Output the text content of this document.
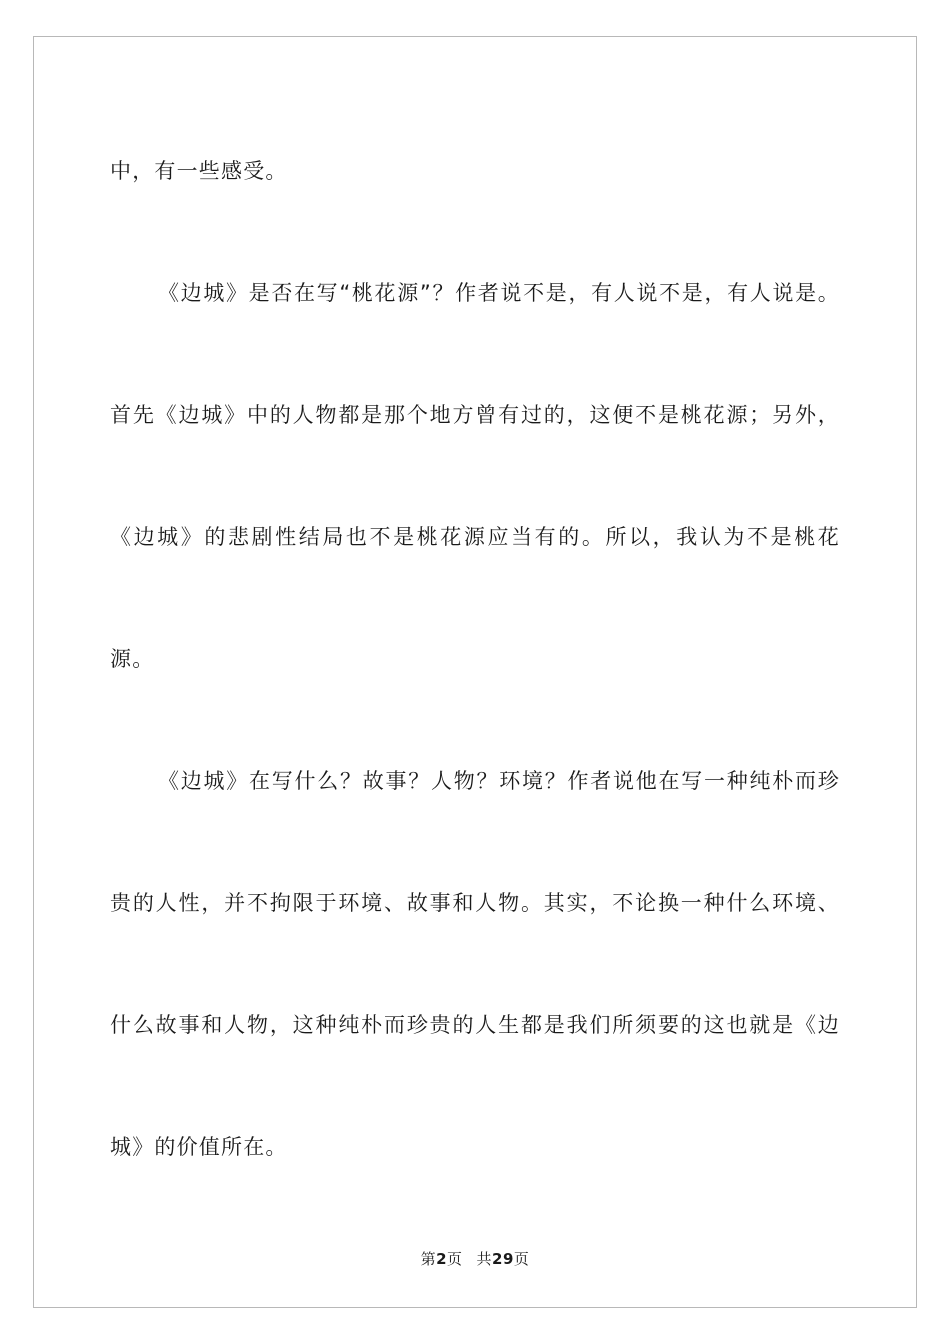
中，有一些感受。

《边城》是否在写“桃花源”？作者说不是，有人说不是，有人说是。首先《边城》中的人物都是那个地方曾有过的，这便不是桃花源；另外，《边城》的悲剧性结局也不是桃花源应当有的。所以，我认为不是桃花源。

《边城》在写什么？故事？人物？环境？作者说他在写一种纯朴而珍贵的人性，并不拘限于环境、故事和人物。其实，不论换一种什么环境、什么故事和人物，这种纯朴而珍贵的人生都是我们所须要的这也就是《边城》的价值所在。

第2页 共29页
